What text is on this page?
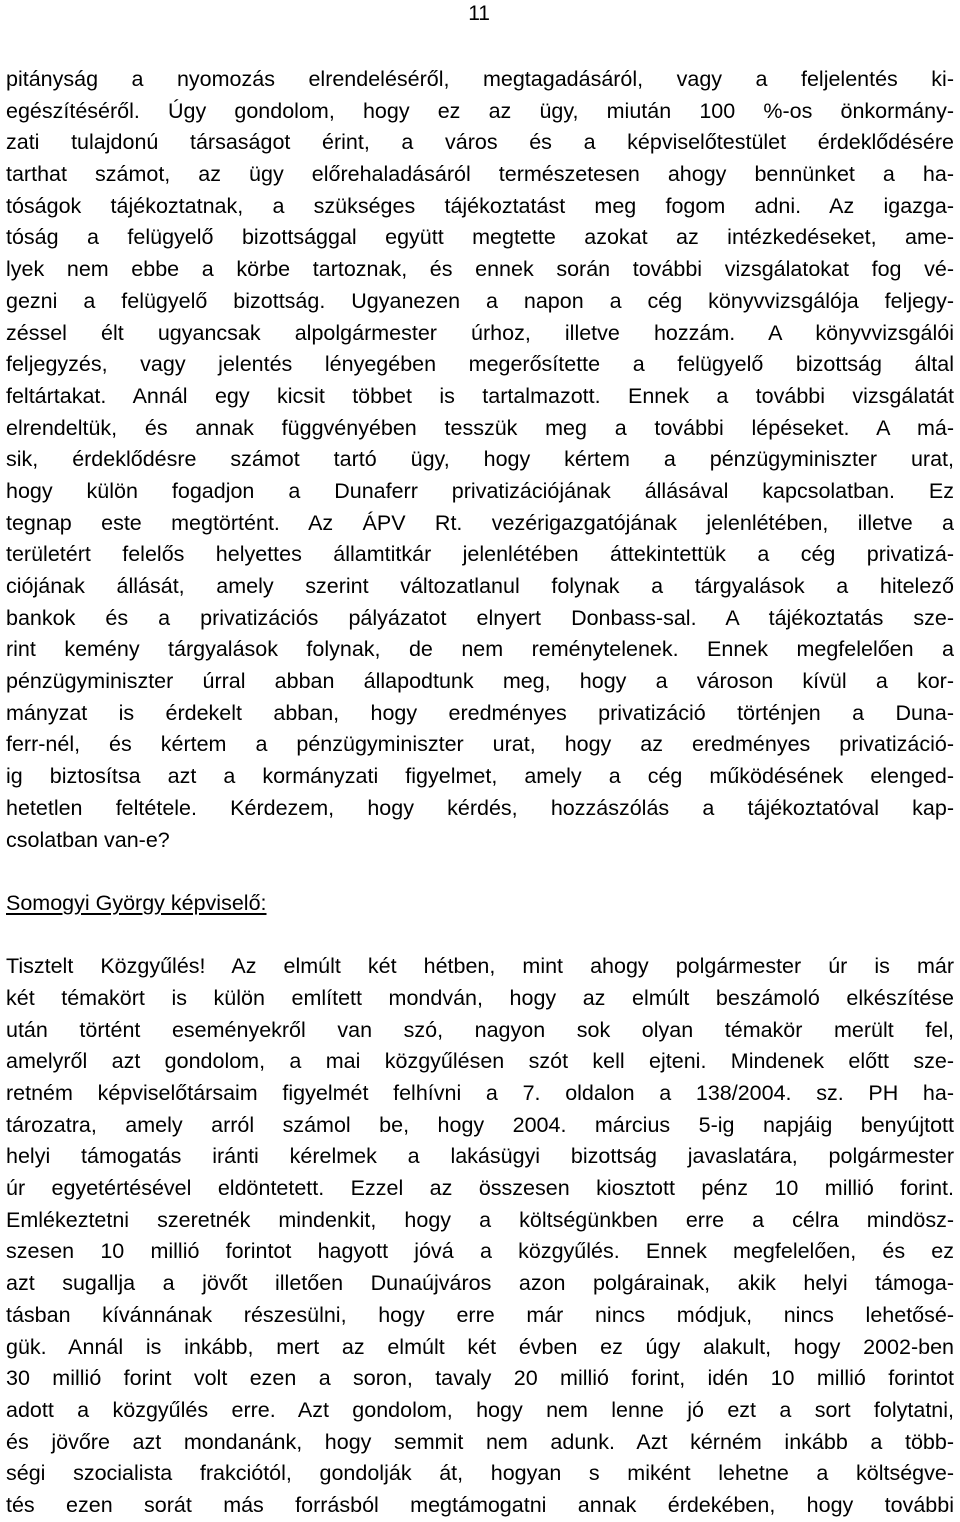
11
pitányság a nyomozás elrendeléséről, megtagadásáról, vagy a feljelentés ki-
egészítéséről. Úgy gondolom, hogy ez az ügy, miután 100 %-os önkormány-
zati tulajdonú társaságot érint, a város és a képviselőtestület érdeklődésére
tarthat számot, az ügy előrehaladásáról természetesen ahogy bennünket a ha-
tóságok tájékoztatnak, a szükséges tájékoztatást meg fogom adni. Az igazga-
tóság a felügyelő bizottsággal együtt megtette azokat az intézkedéseket, ame-
lyek nem ebbe a körbe tartoznak, és ennek során további vizsgálatokat fog vé-
gezni a felügyelő bizottság. Ugyanezen a napon a cég könyvvizsgálója feljegy-
zéssel élt ugyancsak alpolgármester úrhoz, illetve hozzám. A könyvvizsgálói
feljegyzés, vagy jelentés lényegében megerősítette a felügyelő bizottság által
feltártakat. Annál egy kicsit többet is tartalmazott. Ennek a további vizsgálatát
elrendeltük, és annak függvényében tesszük meg a további lépéseket. A má-
sik, érdeklődésre számot tartó ügy, hogy kértem a pénzügyminiszter urat,
hogy külön fogadjon a Dunaferr privatizációjának állásával kapcsolatban. Ez
tegnap este megtörtént. Az ÁPV Rt. vezérigazgatójának jelenlétében, illetve a
területért felelős helyettes államtitkár jelenlétében áttekintettük a cég privatizá-
ciójának állását, amely szerint változatlanul folynak a tárgyalások a hitelező
bankok és a privatizációs pályázatot elnyert Donbass-sal. A tájékoztatás sze-
rint kemény tárgyalások folynak, de nem reménytelenek. Ennek megfelelően a
pénzügyminiszter úrral abban állapodtunk meg, hogy a városon kívül a kor-
mányzat is érdekelt abban, hogy eredményes privatizáció történjen a Duna-
ferr-nél, és kértem a pénzügyminiszter urat, hogy az eredményes privatizáció-
ig biztosítsa azt a kormányzati figyelmet, amely a cég működésének elenged-
hetetlen feltétele. Kérdezem, hogy kérdés, hozzászólás a tájékoztatóval kap-
csolatban van-e?
Somogyi György képviselő:
Tisztelt Közgyűlés! Az elmúlt két hétben, mint ahogy polgármester úr is már
két témakört is külön említett mondván, hogy az elmúlt beszámoló elkészítése
után történt eseményekről van szó, nagyon sok olyan témakör merült fel,
amelyről azt gondolom, a mai közgyűlésen szót kell ejteni. Mindenek előtt sze-
retném képviselőtársaim figyelmét felhívni a 7. oldalon a 138/2004. sz. PH ha-
tározatra, amely arról számol be, hogy 2004. március 5-ig napjáig benyújtott
helyi támogatás iránti kérelmek a lakásügyi bizottság javaslatára, polgármester
úr egyetértésével eldöntetett. Ezzel az összesen kiosztott pénz 10 millió forint.
Emlékeztetni szeretnék mindenkit, hogy a költségünkben erre a célra mindösz-
szesen 10 millió forintot hagyott jóvá a közgyűlés. Ennek megfelelően, és ez
azt sugallja a jövőt illetően Dunaújváros azon polgárainak, akik helyi támoga-
tásban kívánnának részesülni, hogy erre már nincs módjuk, nincs lehetősé-
gük. Annál is inkább, mert az elmúlt két évben ez úgy alakult, hogy 2002-ben
30 millió forint volt ezen a soron, tavaly 20 millió forint, idén 10 millió forintot
adott a közgyűlés erre. Azt gondolom, hogy nem lenne jó ezt a sort folytatni,
és jövőre azt mondanánk, hogy semmit nem adunk. Azt kérném inkább a több-
ségi szocialista frakciótól, gondolják át, hogyan s miként lehetne a költségve-
tés ezen sorát más forrásból megtámogatni annak érdekében, hogy további
